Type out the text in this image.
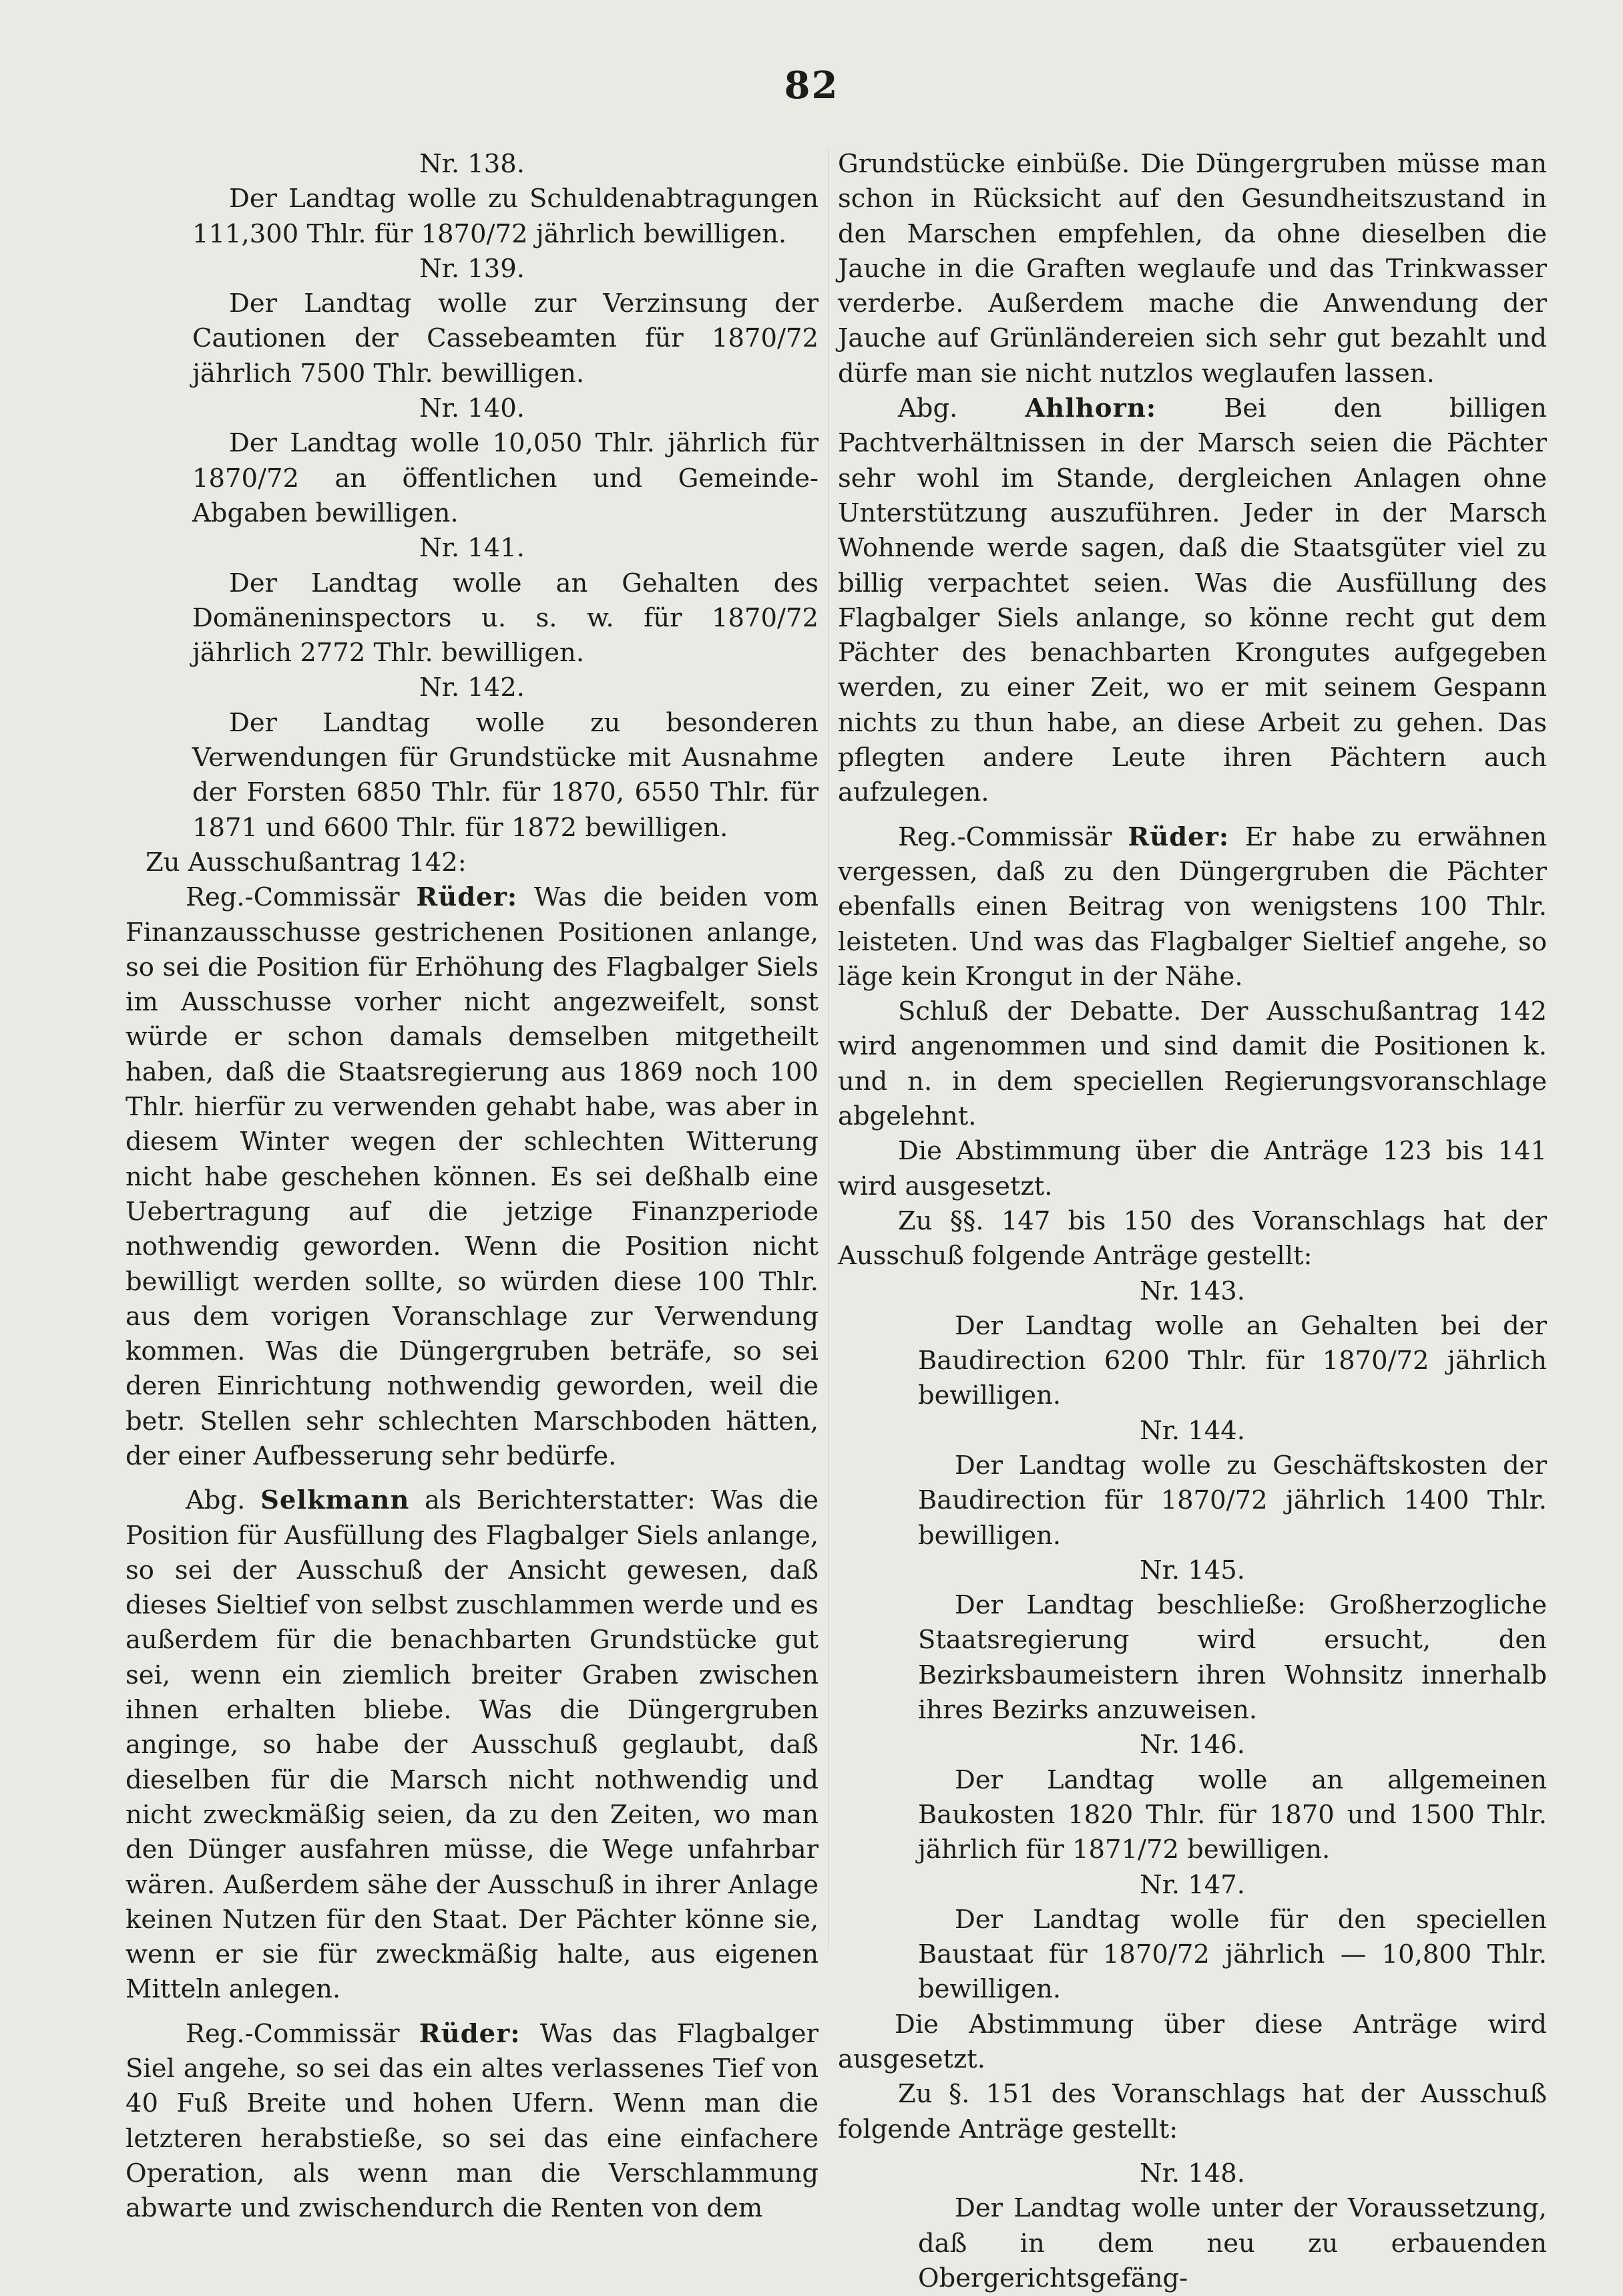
82
Nr. 138.
Der Landtag wolle zu Schuldenabtragungen 111,300 Thlr. für 1870/72 jährlich bewilligen.
Nr. 139.
Der Landtag wolle zur Verzinsung der Cautionen der Cassebeamten für 1870/72 jährlich 7500 Thlr. bewilligen.
Nr. 140.
Der Landtag wolle 10,050 Thlr. jährlich für 1870/72 an öffentlichen und Gemeinde-Abgaben bewilligen.
Nr. 141.
Der Landtag wolle an Gehalten des Domäneninspectors u. s. w. für 1870/72 jährlich 2772 Thlr. bewilligen.
Nr. 142.
Der Landtag wolle zu besonderen Verwendungen für Grundstücke mit Ausnahme der Forsten 6850 Thlr. für 1870, 6550 Thlr. für 1871 und 6600 Thlr. für 1872 bewilligen.
Zu Ausschußantrag 142:

Reg.-Commissär Rüder: Was die beiden vom Finanzausschusse gestrichenen Positionen anlange, so sei die Position für Erhöhung des Flagbalger Siels im Ausschusse vorher nicht angezweifelt, sonst würde er schon damals demselben mitgetheilt haben, daß die Staatsregierung aus 1869 noch 100 Thlr. hierfür zu verwenden gehabt habe, was aber in diesem Winter wegen der schlechten Witterung nicht habe geschehen können. Es sei deßhalb eine Uebertragung auf die jetzige Finanzperiode nothwendig geworden. Wenn die Position nicht bewilligt werden sollte, so würden diese 100 Thlr. aus dem vorigen Voranschlage zur Verwendung kommen. Was die Düngergruben beträfe, so sei deren Einrichtung nothwendig geworden, weil die betr. Stellen sehr schlechten Marschboden hätten, der einer Aufbesserung sehr bedürfe.

Abg. Selkmann als Berichterstatter: Was die Position für Ausfüllung des Flagbalger Siels anlange, so sei der Ausschuß der Ansicht gewesen, daß dieses Sieltief von selbst zuschlammen werde und es außerdem für die benachbarten Grundstücke gut sei, wenn ein ziemlich breiter Graben zwischen ihnen erhalten bliebe. Was die Düngergruben anginge, so habe der Ausschuß geglaubt, daß dieselben für die Marsch nicht nothwendig und nicht zweckmäßig seien, da zu den Zeiten, wo man den Dünger ausfahren müsse, die Wege unfahrbar wären. Außerdem sähe der Ausschuß in ihrer Anlage keinen Nutzen für den Staat. Der Pächter könne sie, wenn er sie für zweckmäßig halte, aus eigenen Mitteln anlegen.

Reg.-Commissär Rüder: Was das Flagbalger Siel angehe, so sei das ein altes verlassenes Tief von 40 Fuß Breite und hohen Ufern. Wenn man die letzteren herabstieße, so sei das eine einfachere Operation, als wenn man die Verschlammung abwarte und zwischendurch die Renten von dem

Grundstücke einbüße. Die Düngergruben müsse man schon in Rücksicht auf den Gesundheitszustand in den Marschen empfehlen, da ohne dieselben die Jauche in die Graften weglaufe und das Trinkwasser verderbe. Außerdem mache die Anwendung der Jauche auf Grünländereien sich sehr gut bezahlt und dürfe man sie nicht nutzlos weglaufen lassen.

Abg.	Ahlhorn:	Bei den billigen Pachtverhältnissen in der Marsch seien die Pächter sehr wohl im Stande, dergleichen Anlagen ohne Unterstützung auszuführen. Jeder in der Marsch Wohnende werde sagen, daß die Staatsgüter viel zu billig verpachtet seien. Was die Ausfüllung des Flagbalger Siels anlange, so könne recht gut dem Pächter des benachbarten Krongutes aufgegeben werden, zu einer Zeit, wo er mit seinem Gespann nichts zu thun habe, an diese Arbeit zu gehen. Das pflegten andere Leute ihren Pächtern auch aufzulegen.

Reg.-Commissär Rüder: Er habe zu erwähnen vergessen, daß zu den Düngergruben die Pächter ebenfalls einen Beitrag von wenigstens 100 Thlr. leisteten. Und was das Flagbalger Sieltief angehe, so läge kein Krongut in der Nähe.

Schluß der Debatte. Der Ausschußantrag 142 wird angenommen und sind damit die Positionen k. und n. in dem speciellen Regierungsvoranschlage abgelehnt.

Die Abstimmung über die Anträge 123 bis 141 wird ausgesetzt.

Zu §§. 147 bis 150 des Voranschlags hat der Ausschuß folgende Anträge gestellt:

Nr. 143.
Der Landtag wolle an Gehalten bei der Baudirection 6200 Thlr. für 1870/72 jährlich bewilligen.
Nr. 144.
Der Landtag wolle zu Geschäftskosten der Baudirection für 1870/72 jährlich 1400 Thlr. bewilligen.
Nr. 145.
Der Landtag beschließe: Großherzogliche Staatsregierung wird ersucht, den Bezirksbaumeistern ihren Wohnsitz innerhalb ihres Bezirks anzuweisen.
Nr. 146.
Der Landtag wolle an allgemeinen Baukosten 1820 Thlr. für 1870 und 1500 Thlr. jährlich für 1871/72 bewilligen.
Nr. 147.
Der Landtag wolle für den speciellen Baustaat für 1870/72 jährlich — 10,800 Thlr. bewilligen.

Die Abstimmung über diese Anträge wird ausgesetzt.

Zu §. 151 des Voranschlags hat der Ausschuß folgende Anträge gestellt:

Nr. 148.
Der Landtag wolle unter der Voraussetzung, daß in dem neu zu erbauenden Obergerichtsgefäng-
